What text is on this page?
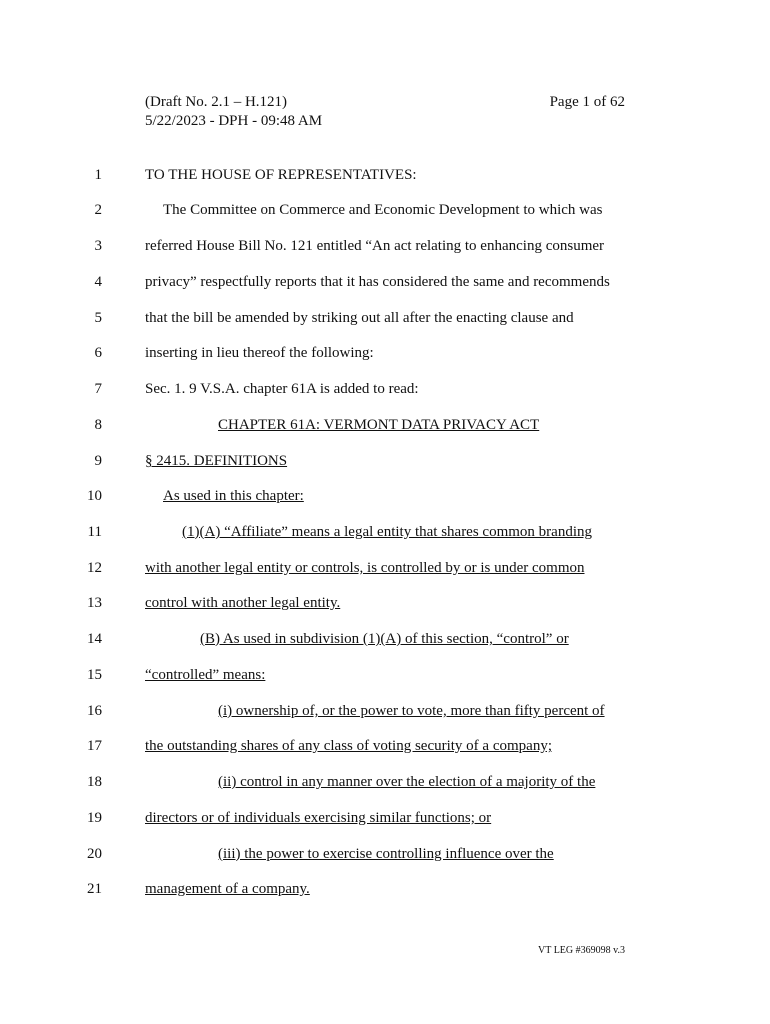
(Draft No. 2.1 – H.121)
5/22/2023 - DPH - 09:48 AM
Page 1 of 62
1	TO THE HOUSE OF REPRESENTATIVES:
2	The Committee on Commerce and Economic Development to which was
3	referred House Bill No. 121 entitled “An act relating to enhancing consumer
4	privacy” respectfully reports that it has considered the same and recommends
5	that the bill be amended by striking out all after the enacting clause and
6	inserting in lieu thereof the following:
7	Sec. 1. 9 V.S.A. chapter 61A is added to read:
8	CHAPTER 61A: VERMONT DATA PRIVACY ACT
9	§ 2415. DEFINITIONS
10	As used in this chapter:
11	(1)(A) “Affiliate” means a legal entity that shares common branding
12	with another legal entity or controls, is controlled by or is under common
13	control with another legal entity.
14	(B) As used in subdivision (1)(A) of this section, “control” or
15	“controlled” means:
16	(i) ownership of, or the power to vote, more than fifty percent of
17	the outstanding shares of any class of voting security of a company;
18	(ii) control in any manner over the election of a majority of the
19	directors or of individuals exercising similar functions; or
20	(iii) the power to exercise controlling influence over the
21	management of a company.
VT LEG #369098 v.3
